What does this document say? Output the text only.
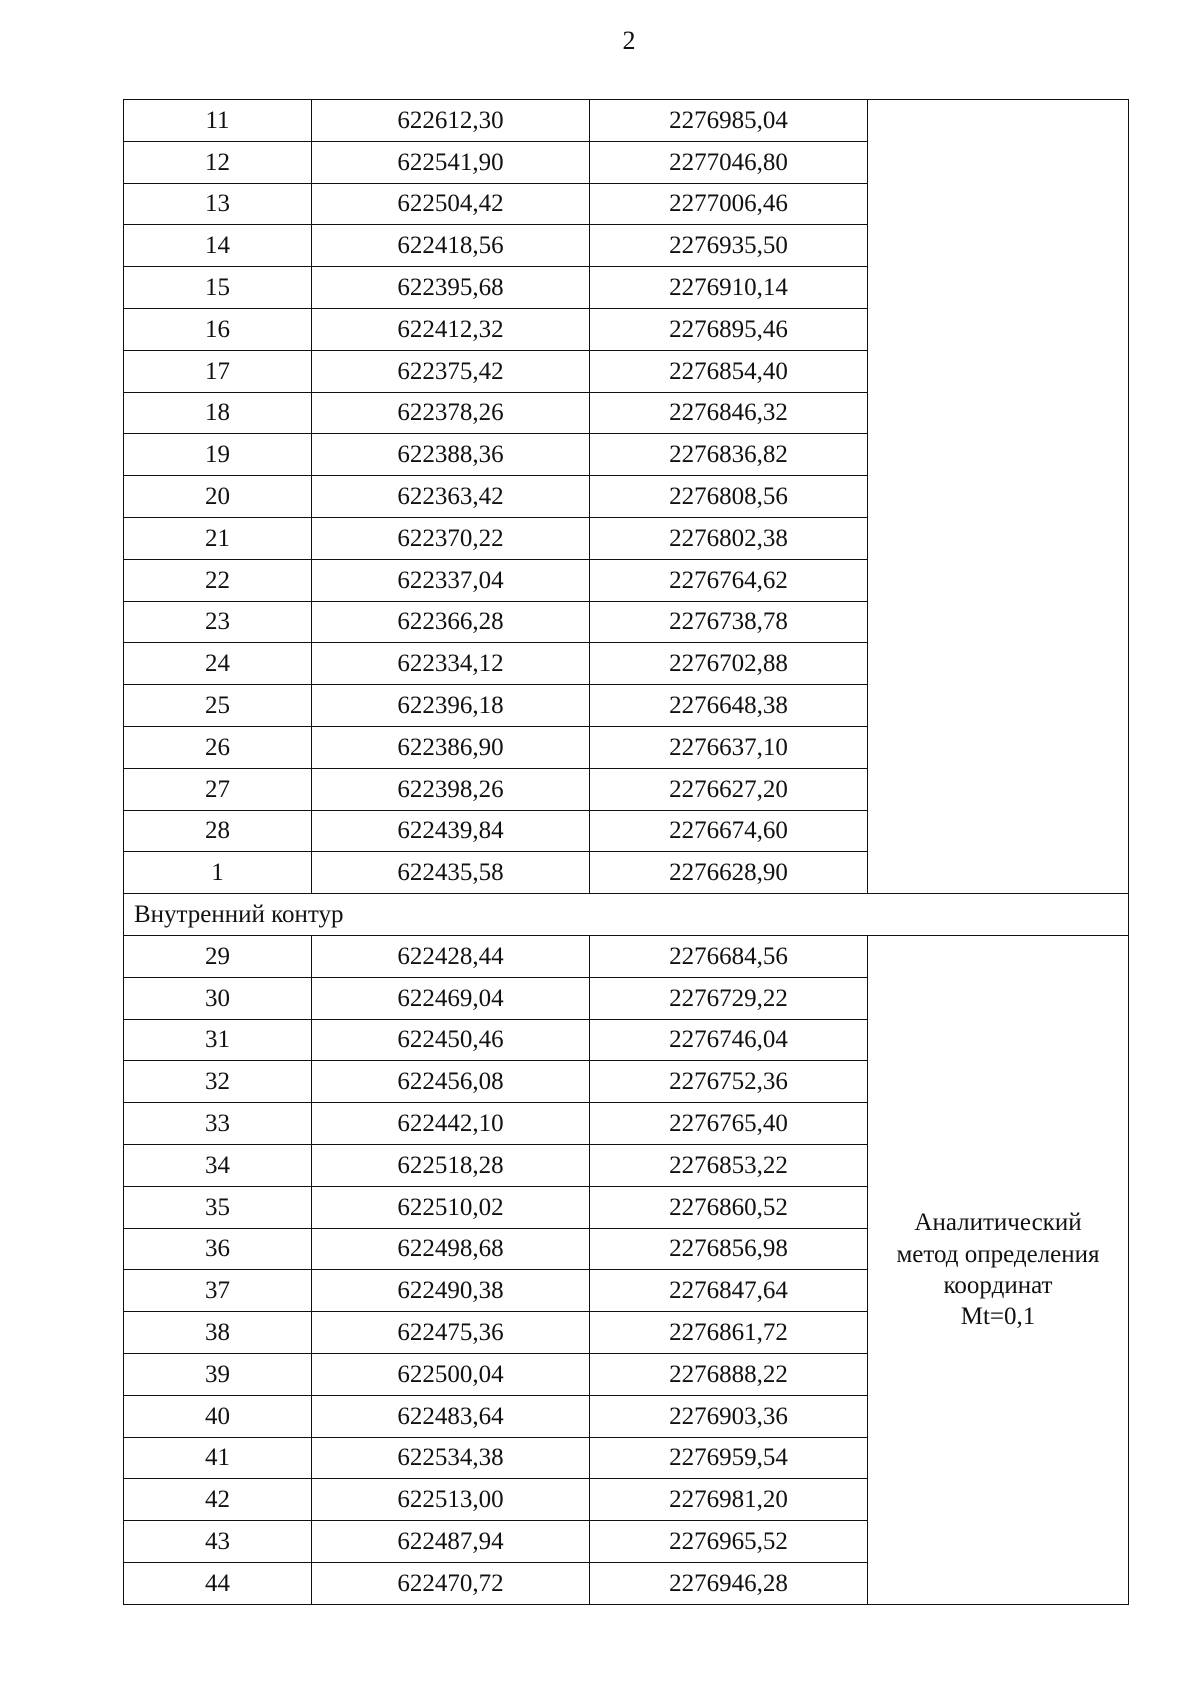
2
11	622612,30	2276985,04	
12	622541,90	2277046,80	
13	622504,42	2277006,46	
14	622418,56	2276935,50	
15	622395,68	2276910,14	
16	622412,32	2276895,46	
17	622375,42	2276854,40	
18	622378,26	2276846,32	
19	622388,36	2276836,82	
20	622363,42	2276808,56	
21	622370,22	2276802,38	
22	622337,04	2276764,62	
23	622366,28	2276738,78	
24	622334,12	2276702,88	
25	622396,18	2276648,38	
26	622386,90	2276637,10	
27	622398,26	2276627,20	
28	622439,84	2276674,60	
1	622435,58	2276628,90	
Внутренний контур			
29	622428,44	2276684,56	Аналитический
метод определения
координат
Mt=0,1

30	622469,04	2276729,22	
31	622450,46	2276746,04	
32	622456,08	2276752,36	
33	622442,10	2276765,40	
34	622518,28	2276853,22	
35	622510,02	2276860,52	
36	622498,68	2276856,98	
37	622490,38	2276847,64	
38	622475,36	2276861,72	
39	622500,04	2276888,22	
40	622483,64	2276903,36	
41	622534,38	2276959,54	
42	622513,00	2276981,20	
43	622487,94	2276965,52	
44	622470,72	2276946,28	
